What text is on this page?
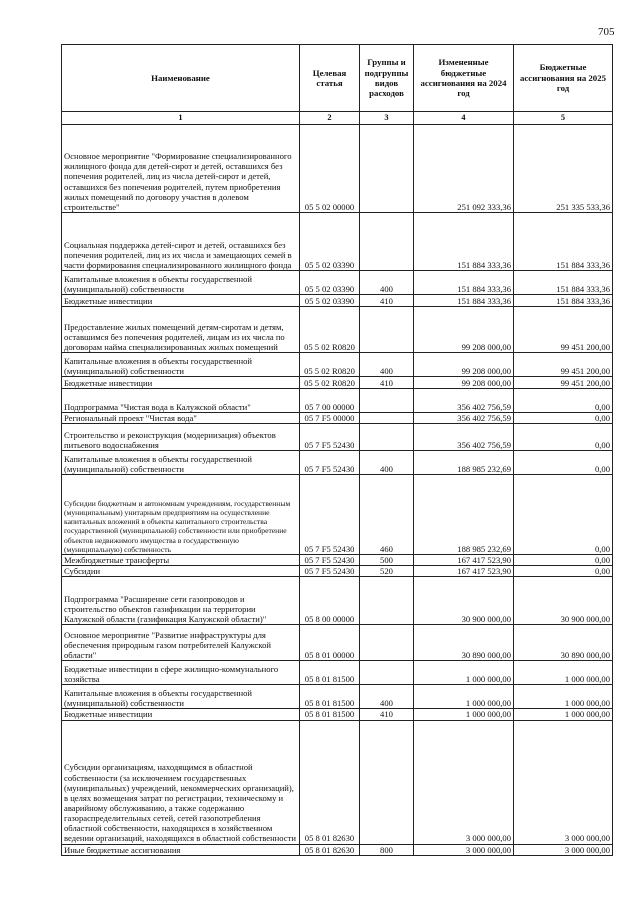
705
Наименование	Целевая статья	Группы и подгруппы видов расходов	Измененные бюджетные ассигнования на 2024 год	Бюджетные ассигнования на 2025 год
1	2	3	4	5
Основное мероприятие "Формирование специализированного жилищного фонда для детей-сирот и детей, оставшихся без попечения родителей, лиц из числа детей-сирот и детей, оставшихся без попечения родителей, путем приобретения жилых помещений по договору участия в долевом строительстве"	05 5 02 00000		251 092 333,36	251 335 533,36
Социальная поддержка детей-сирот и детей, оставшихся без попечения родителей, лиц из их числа и замещающих семей в части формирования специализированного жилищного фонда	05 5 02 03390		151 884 333,36	151 884 333,36
Капитальные вложения в объекты государственной (муниципальной) собственности	05 5 02 03390	400	151 884 333,36	151 884 333,36
Бюджетные инвестиции	05 5 02 03390	410	151 884 333,36	151 884 333,36
Предоставление жилых помещений детям-сиротам и детям, оставшимся без попечения родителей, лицам из их числа по договорам найма специализированных жилых помещений	05 5 02 R0820		99 208 000,00	99 451 200,00
Капитальные вложения в объекты государственной (муниципальной) собственности	05 5 02 R0820	400	99 208 000,00	99 451 200,00
Бюджетные инвестиции	05 5 02 R0820	410	99 208 000,00	99 451 200,00
Подпрограмма "Чистая вода в Калужской области"	05 7 00 00000		356 402 756,59	0,00
Региональный проект "Чистая вода"	05 7 F5 00000		356 402 756,59	0,00
Строительство и реконструкция (модернизация) объектов питьевого водоснабжения	05 7 F5 52430		356 402 756,59	0,00
Капитальные вложения в объекты государственной (муниципальной) собственности	05 7 F5 52430	400	188 985 232,69	0,00
Субсидии бюджетным и автономным учреждениям, государственным (муниципальным) унитарным предприятиям на осуществление капитальных вложений в объекты капитального строительства государственной (муниципальной) собственности или приобретение объектов недвижимого имущества в государственную (муниципальную) собственность	05 7 F5 52430	460	188 985 232,69	0,00
Межбюджетные трансферты	05 7 F5 52430	500	167 417 523,90	0,00
Субсидии	05 7 F5 52430	520	167 417 523,90	0,00
Подпрограмма "Расширение сети газопроводов и строительство объектов газификации на территории Калужской области (газификация Калужской области)"	05 8 00 00000		30 900 000,00	30 900 000,00
Основное мероприятие "Развитие инфраструктуры для обеспечения природным газом потребителей Калужской области"	05 8 01 00000		30 890 000,00	30 890 000,00
Бюджетные инвестиции в сфере жилищно-коммунального хозяйства	05 8 01 81500		1 000 000,00	1 000 000,00
Капитальные вложения в объекты государственной (муниципальной) собственности	05 8 01 81500	400	1 000 000,00	1 000 000,00
Бюджетные инвестиции	05 8 01 81500	410	1 000 000,00	1 000 000,00
Субсидии организациям, находящимся в областной собственности (за исключением государственных (муниципальных) учреждений, некоммерческих организаций), в целях возмещения затрат по регистрации, техническому и аварийному обслуживанию, а также содержанию газораспределительных сетей, сетей газопотребления областной собственности, находящихся в хозяйственном ведении организаций, находящихся в областной собственности	05 8 01 82630		3 000 000,00	3 000 000,00
Иные бюджетные ассигнования	05 8 01 82630	800	3 000 000,00	3 000 000,00
